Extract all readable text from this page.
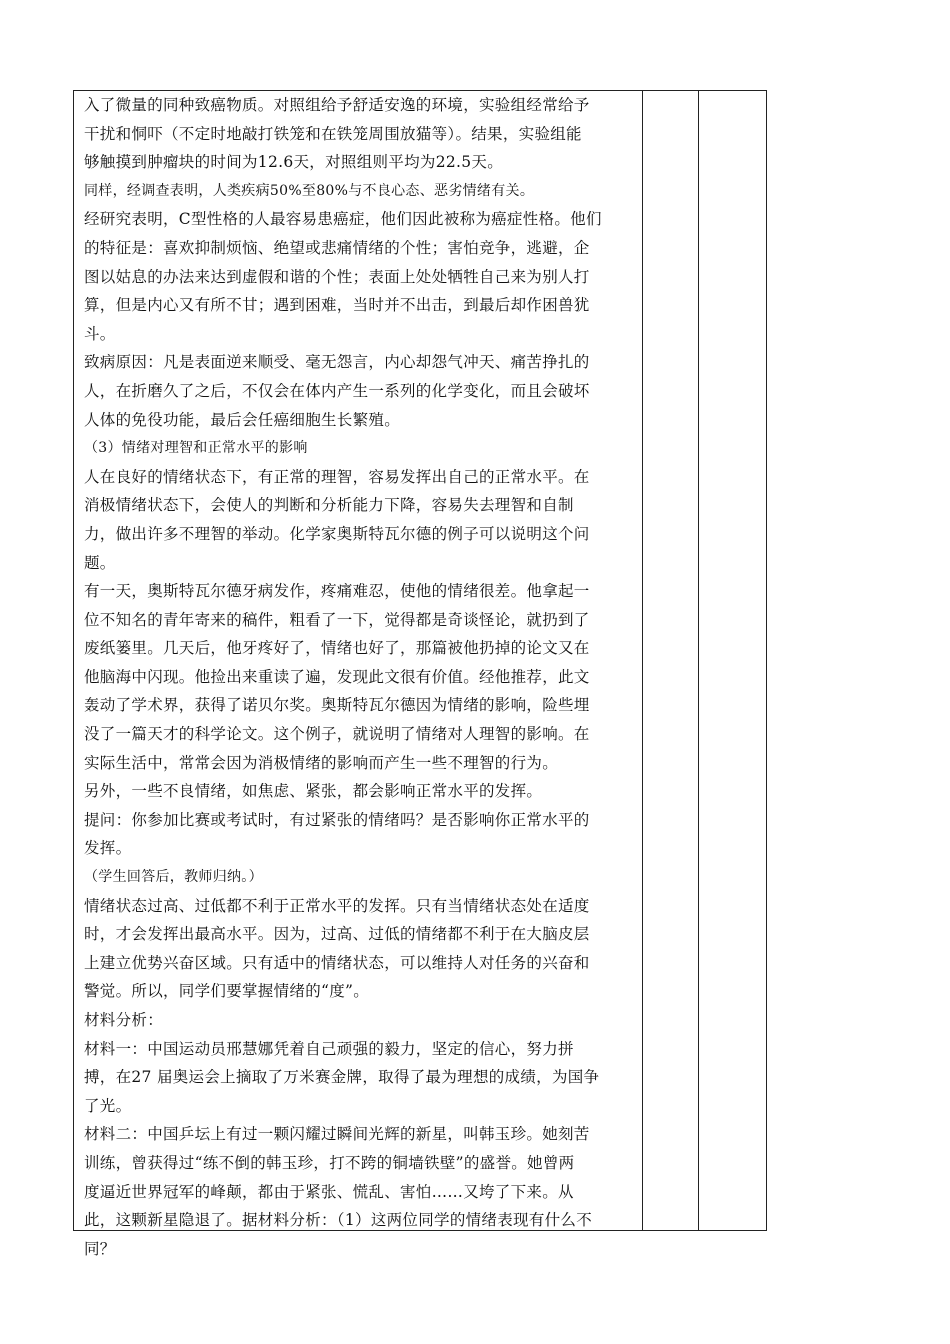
入了微量的同种致癌物质。对照组给予舒适安逸的环境，实验组经常给予
干扰和恫吓（不定时地敲打铁笼和在铁笼周围放猫等）。结果，实验组能
够触摸到肿瘤块的时间为12.6天，对照组则平均为22.5天。
同样，经调查表明，人类疾病50%至80%与不良心态、恶劣情绪有关。
经研究表明，C型性格的人最容易患癌症，他们因此被称为癌症性格。他们
的特征是：喜欢抑制烦恼、绝望或悲痛情绪的个性；害怕竞争，逃避，企
图以姑息的办法来达到虚假和谐的个性；表面上处处牺牲自己来为别人打
算，但是内心又有所不甘；遇到困难，当时并不出击，到最后却作困兽犹
斗。
致病原因：凡是表面逆来顺受、毫无怨言，内心却怨气冲天、痛苦挣扎的
人，在折磨久了之后，不仅会在体内产生一系列的化学变化，而且会破坏
人体的免役功能，最后会任癌细胞生长繁殖。
（3）情绪对理智和正常水平的影响
人在良好的情绪状态下，有正常的理智，容易发挥出自己的正常水平。在
消极情绪状态下，会使人的判断和分析能力下降，容易失去理智和自制
力，做出许多不理智的举动。化学家奥斯特瓦尔德的例子可以说明这个问
题。
有一天，奥斯特瓦尔德牙病发作，疼痛难忍，使他的情绪很差。他拿起一
位不知名的青年寄来的稿件，粗看了一下，觉得都是奇谈怪论，就扔到了
废纸篓里。几天后，他牙疼好了，情绪也好了，那篇被他扔掉的论文又在
他脑海中闪现。他捡出来重读了遍，发现此文很有价值。经他推荐，此文
轰动了学术界，获得了诺贝尔奖。奥斯特瓦尔德因为情绪的影响，险些埋
没了一篇天才的科学论文。这个例子，就说明了情绪对人理智的影响。在
实际生活中，常常会因为消极情绪的影响而产生一些不理智的行为。
另外，一些不良情绪，如焦虑、紧张，都会影响正常水平的发挥。
提问：你参加比赛或考试时，有过紧张的情绪吗？是否影响你正常水平的
发挥。
（学生回答后，教师归纳。）
情绪状态过高、过低都不利于正常水平的发挥。只有当情绪状态处在适度
时，才会发挥出最高水平。因为，过高、过低的情绪都不利于在大脑皮层
上建立优势兴奋区域。只有适中的情绪状态，可以维持人对任务的兴奋和
警觉。所以，同学们要掌握情绪的“度”。
材料分析：
材料一：中国运动员邢慧娜凭着自己顽强的毅力，坚定的信心，努力拼
搏，在27 届奥运会上摘取了万米赛金牌，取得了最为理想的成绩，为国争
了光。
材料二：中国乒坛上有过一颗闪耀过瞬间光辉的新星，叫韩玉珍。她刻苦
训练，曾获得过“练不倒的韩玉珍，打不跨的铜墙铁壁”的盛誉。她曾两
度逼近世界冠军的峰颠，都由于紧张、慌乱、害怕……又垮了下来。从
此，这颗新星隐退了。据材料分析：（1）这两位同学的情绪表现有什么不
同？
